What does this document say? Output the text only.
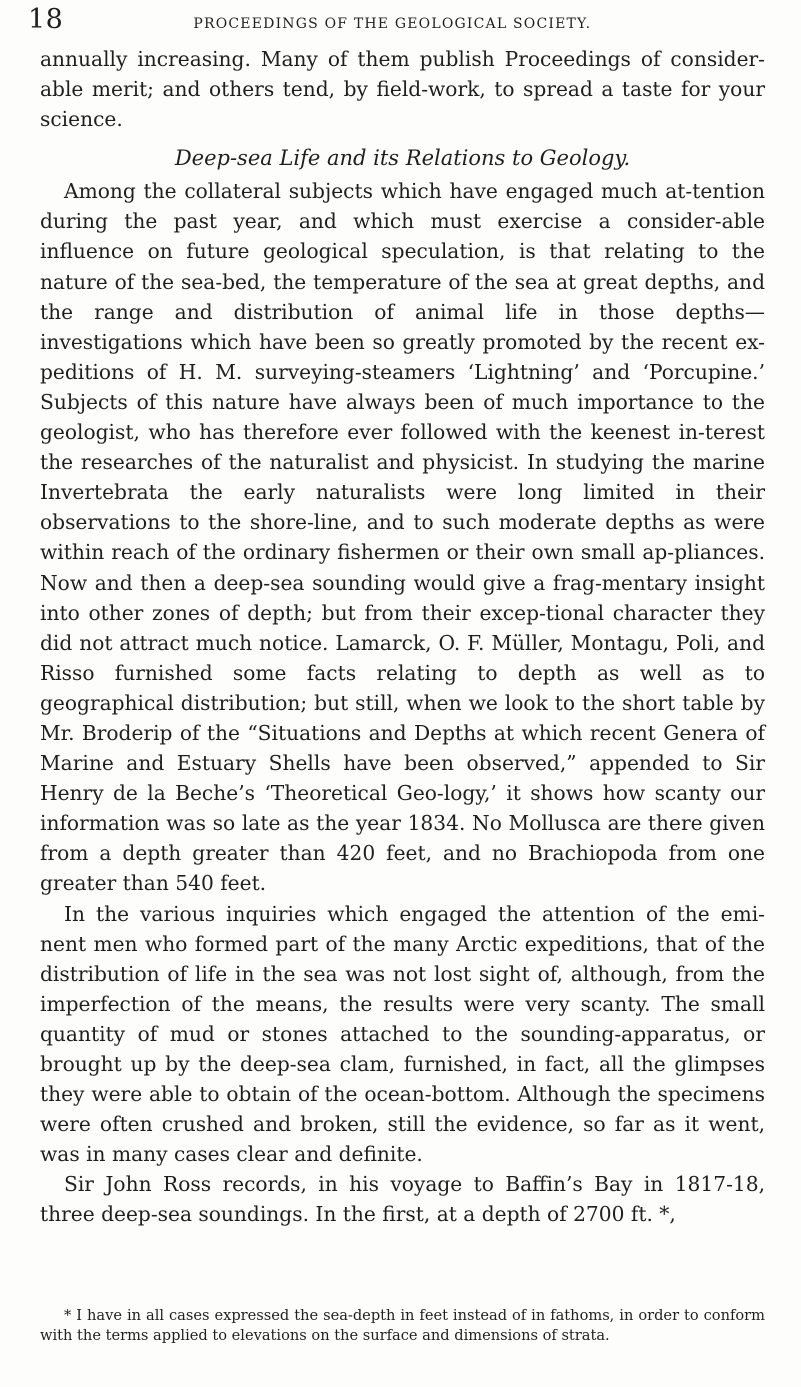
18	PROCEEDINGS OF THE GEOLOGICAL SOCIETY.

annually increasing. Many of them publish Proceedings of consider-able merit; and others tend, by field-work, to spread a taste for your science.

Deep-sea Life and its Relations to Geology.

Among the collateral subjects which have engaged much at-tention during the past year, and which must exercise a consider-able influence on future geological speculation, is that relating to the nature of the sea-bed, the temperature of the sea at great depths, and the range and distribution of animal life in those depths— investigations which have been so greatly promoted by the recent ex-peditions of H. M. surveying-steamers ‘Lightning’ and ‘Porcupine.’ Subjects of this nature have always been of much importance to the geologist, who has therefore ever followed with the keenest in-terest the researches of the naturalist and physicist. In studying the marine Invertebrata the early naturalists were long limited in their observations to the shore-line, and to such moderate depths as were within reach of the ordinary fishermen or their own small ap-pliances. Now and then a deep-sea sounding would give a frag-mentary insight into other zones of depth; but from their excep-tional character they did not attract much notice. Lamarck, O. F. Müller, Montagu, Poli, and Risso furnished some facts relating to depth as well as to geographical distribution; but still, when we look to the short table by Mr. Broderip of the “Situations and Depths at which recent Genera of Marine and Estuary Shells have been observed,” appended to Sir Henry de la Beche’s ‘Theoretical Geo-logy,’ it shows how scanty our information was so late as the year 1834. No Mollusca are there given from a depth greater than 420 feet, and no Brachiopoda from one greater than 540 feet.

In the various inquiries which engaged the attention of the emi-nent men who formed part of the many Arctic expeditions, that of the distribution of life in the sea was not lost sight of, although, from the imperfection of the means, the results were very scanty. The small quantity of mud or stones attached to the sounding-apparatus, or brought up by the deep-sea clam, furnished, in fact, all the glimpses they were able to obtain of the ocean-bottom. Although the specimens were often crushed and broken, still the evidence, so far as it went, was in many cases clear and definite.

Sir John Ross records, in his voyage to Baffin’s Bay in 1817-18, three deep-sea soundings. In the first, at a depth of 2700 ft. *,

* I have in all cases expressed the sea-depth in feet instead of in fathoms, in order to conform with the terms applied to elevations on the surface and dimensions of strata.
